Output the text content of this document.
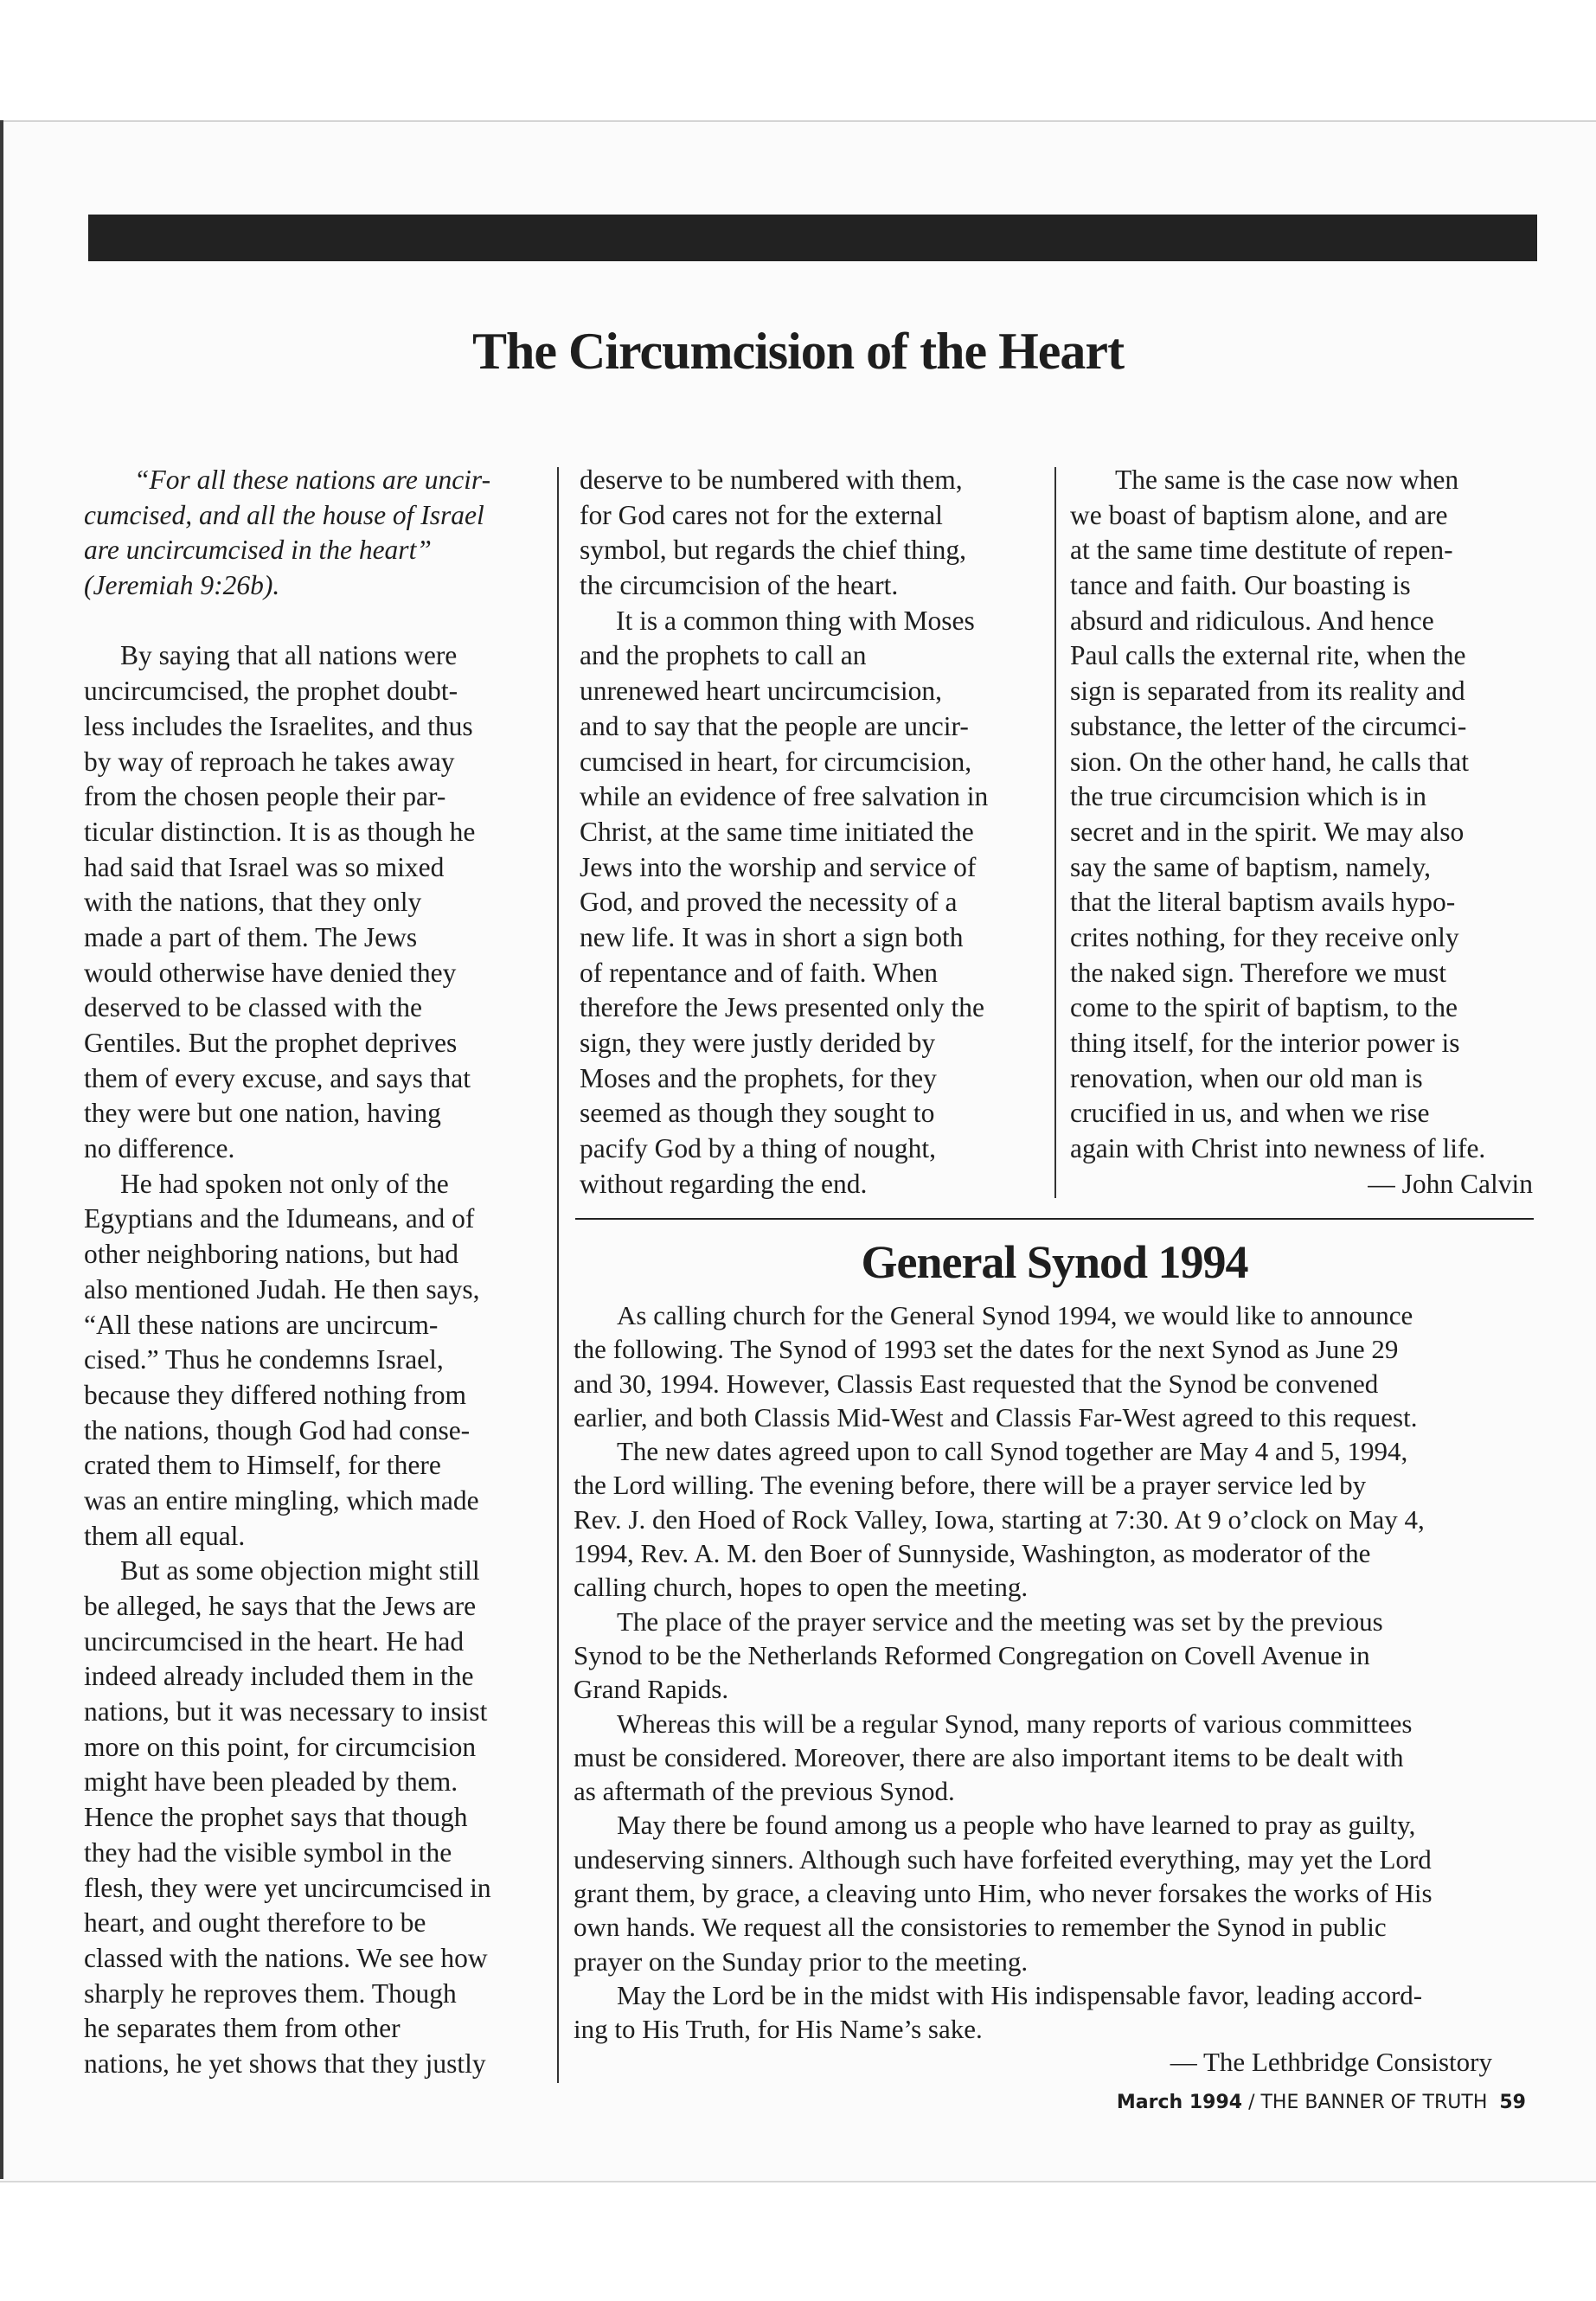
The Circumcision of the Heart
“For all these nations are uncir-
cumcised, and all the house of Israel
are uncircumcised in the heart”
(Jeremiah 9:26b).
By saying that all nations were
uncircumcised, the prophet doubt-
less includes the Israelites, and thus
by way of reproach he takes away
from the chosen people their par-
ticular distinction. It is as though he
had said that Israel was so mixed
with the nations, that they only
made a part of them. The Jews
would otherwise have denied they
deserved to be classed with the
Gentiles. But the prophet deprives
them of every excuse, and says that
they were but one nation, having
no difference.
He had spoken not only of the
Egyptians and the Idumeans, and of
other neighboring nations, but had
also mentioned Judah. He then says,
“All these nations are uncircum-
cised.” Thus he condemns Israel,
because they differed nothing from
the nations, though God had conse-
crated them to Himself, for there
was an entire mingling, which made
them all equal.
But as some objection might still
be alleged, he says that the Jews are
uncircumcised in the heart. He had
indeed already included them in the
nations, but it was necessary to insist
more on this point, for circumcision
might have been pleaded by them.
Hence the prophet says that though
they had the visible symbol in the
flesh, they were yet uncircumcised in
heart, and ought therefore to be
classed with the nations. We see how
sharply he reproves them. Though
he separates them from other
nations, he yet shows that they justly
deserve to be numbered with them,
for God cares not for the external
symbol, but regards the chief thing,
the circumcision of the heart.
It is a common thing with Moses
and the prophets to call an
unrenewed heart uncircumcision,
and to say that the people are uncir-
cumcised in heart, for circumcision,
while an evidence of free salvation in
Christ, at the same time initiated the
Jews into the worship and service of
God, and proved the necessity of a
new life. It was in short a sign both
of repentance and of faith. When
therefore the Jews presented only the
sign, they were justly derided by
Moses and the prophets, for they
seemed as though they sought to
pacify God by a thing of nought,
without regarding the end.
The same is the case now when
we boast of baptism alone, and are
at the same time destitute of repen-
tance and faith. Our boasting is
absurd and ridiculous. And hence
Paul calls the external rite, when the
sign is separated from its reality and
substance, the letter of the circumci-
sion. On the other hand, he calls that
the true circumcision which is in
secret and in the spirit. We may also
say the same of baptism, namely,
that the literal baptism avails hypo-
crites nothing, for they receive only
the naked sign. Therefore we must
come to the spirit of baptism, to the
thing itself, for the interior power is
renovation, when our old man is
crucified in us, and when we rise
again with Christ into newness of life.
— John Calvin
General Synod 1994
As calling church for the General Synod 1994, we would like to announce
the following. The Synod of 1993 set the dates for the next Synod as June 29
and 30, 1994. However, Classis East requested that the Synod be convened
earlier, and both Classis Mid-West and Classis Far-West agreed to this request.
The new dates agreed upon to call Synod together are May 4 and 5, 1994,
the Lord willing. The evening before, there will be a prayer service led by
Rev. J. den Hoed of Rock Valley, Iowa, starting at 7:30. At 9 o’clock on May 4,
1994, Rev. A. M. den Boer of Sunnyside, Washington, as moderator of the
calling church, hopes to open the meeting.
The place of the prayer service and the meeting was set by the previous
Synod to be the Netherlands Reformed Congregation on Covell Avenue in
Grand Rapids.
Whereas this will be a regular Synod, many reports of various committees
must be considered. Moreover, there are also important items to be dealt with
as aftermath of the previous Synod.
May there be found among us a people who have learned to pray as guilty,
undeserving sinners. Although such have forfeited everything, may yet the Lord
grant them, by grace, a cleaving unto Him, who never forsakes the works of His
own hands. We request all the consistories to remember the Synod in public
prayer on the Sunday prior to the meeting.
May the Lord be in the midst with His indispensable favor, leading accord-
ing to His Truth, for His Name’s sake.
— The Lethbridge Consistory
March 1994 / THE BANNER OF TRUTH 59
